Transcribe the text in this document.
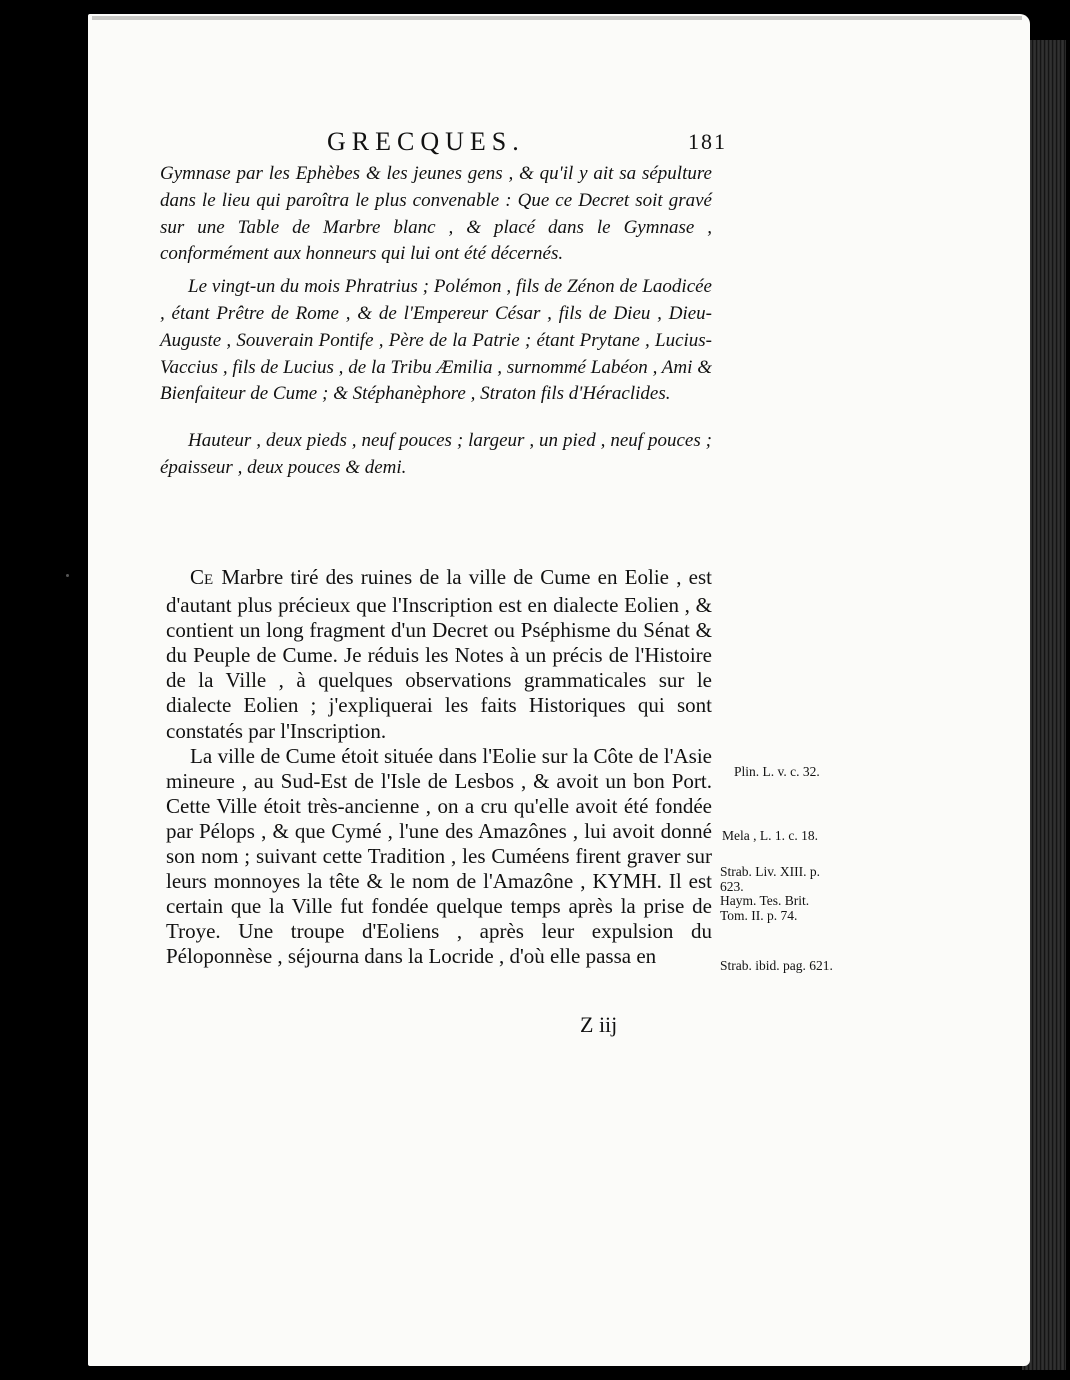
GRECQUES.	181

Gymnase par les Ephèbes & les jeunes gens , & qu'il y ait sa sépulture dans le lieu qui paroîtra le plus convenable : Que ce Decret soit gravé sur une Table de Marbre blanc , & placé dans le Gymnase , conformément aux honneurs qui lui ont été décernés.

Le vingt-un du mois Phratrius ; Polémon , fils de Zénon de Laodicée , étant Prêtre de Rome , & de l'Empereur César , fils de Dieu , Dieu-Auguste , Souverain Pontife , Père de la Patrie ; étant Prytane , Lucius-Vaccius , fils de Lucius , de la Tribu Æmilia , surnommé Labéon , Ami & Bienfaiteur de Cume ; & Stéphanèphore , Straton fils d'Héraclides.

Hauteur , deux pieds , neuf pouces ; largeur , un pied , neuf pouces ; épaisseur , deux pouces & demi.

CE Marbre tiré des ruines de la ville de Cume en Eolie , est d'autant plus précieux que l'Inscription est en dialecte Eolien , & contient un long fragment d'un Decret ou Pséphisme du Sénat & du Peuple de Cume. Je réduis les Notes à un précis de l'Histoire de la Ville , à quelques observations grammaticales sur le dialecte Eolien ; j'expliquerai les faits Historiques qui sont constatés par l'Inscription.

La ville de Cume étoit située dans l'Eolie sur la Côte de l'Asie mineure , au Sud-Est de l'Isle de Lesbos , & avoit un bon Port. Cette Ville étoit très-ancienne , on a cru qu'elle avoit été fondée par Pélops , & que Cymé , l'une des Amazônes , lui avoit donné son nom ; suivant cette Tradition , les Cuméens firent graver sur leurs monnoyes la tête & le nom de l'Amazône , ΚΥΜΗ. Il est certain que la Ville fut fondée quelque temps après la prise de Troye. Une troupe d'Eoliens , après leur expulsion du Péloponnèse , séjourna dans la Locride , d'où elle passa en

Z iij
Plin. L. v. c. 32.
Mela , L. 1. c. 18.
Strab. Liv. XIII. p. 623.
Haym. Tes. Brit. Tom. II. p. 74.
Strab. ibid. pag. 621.
